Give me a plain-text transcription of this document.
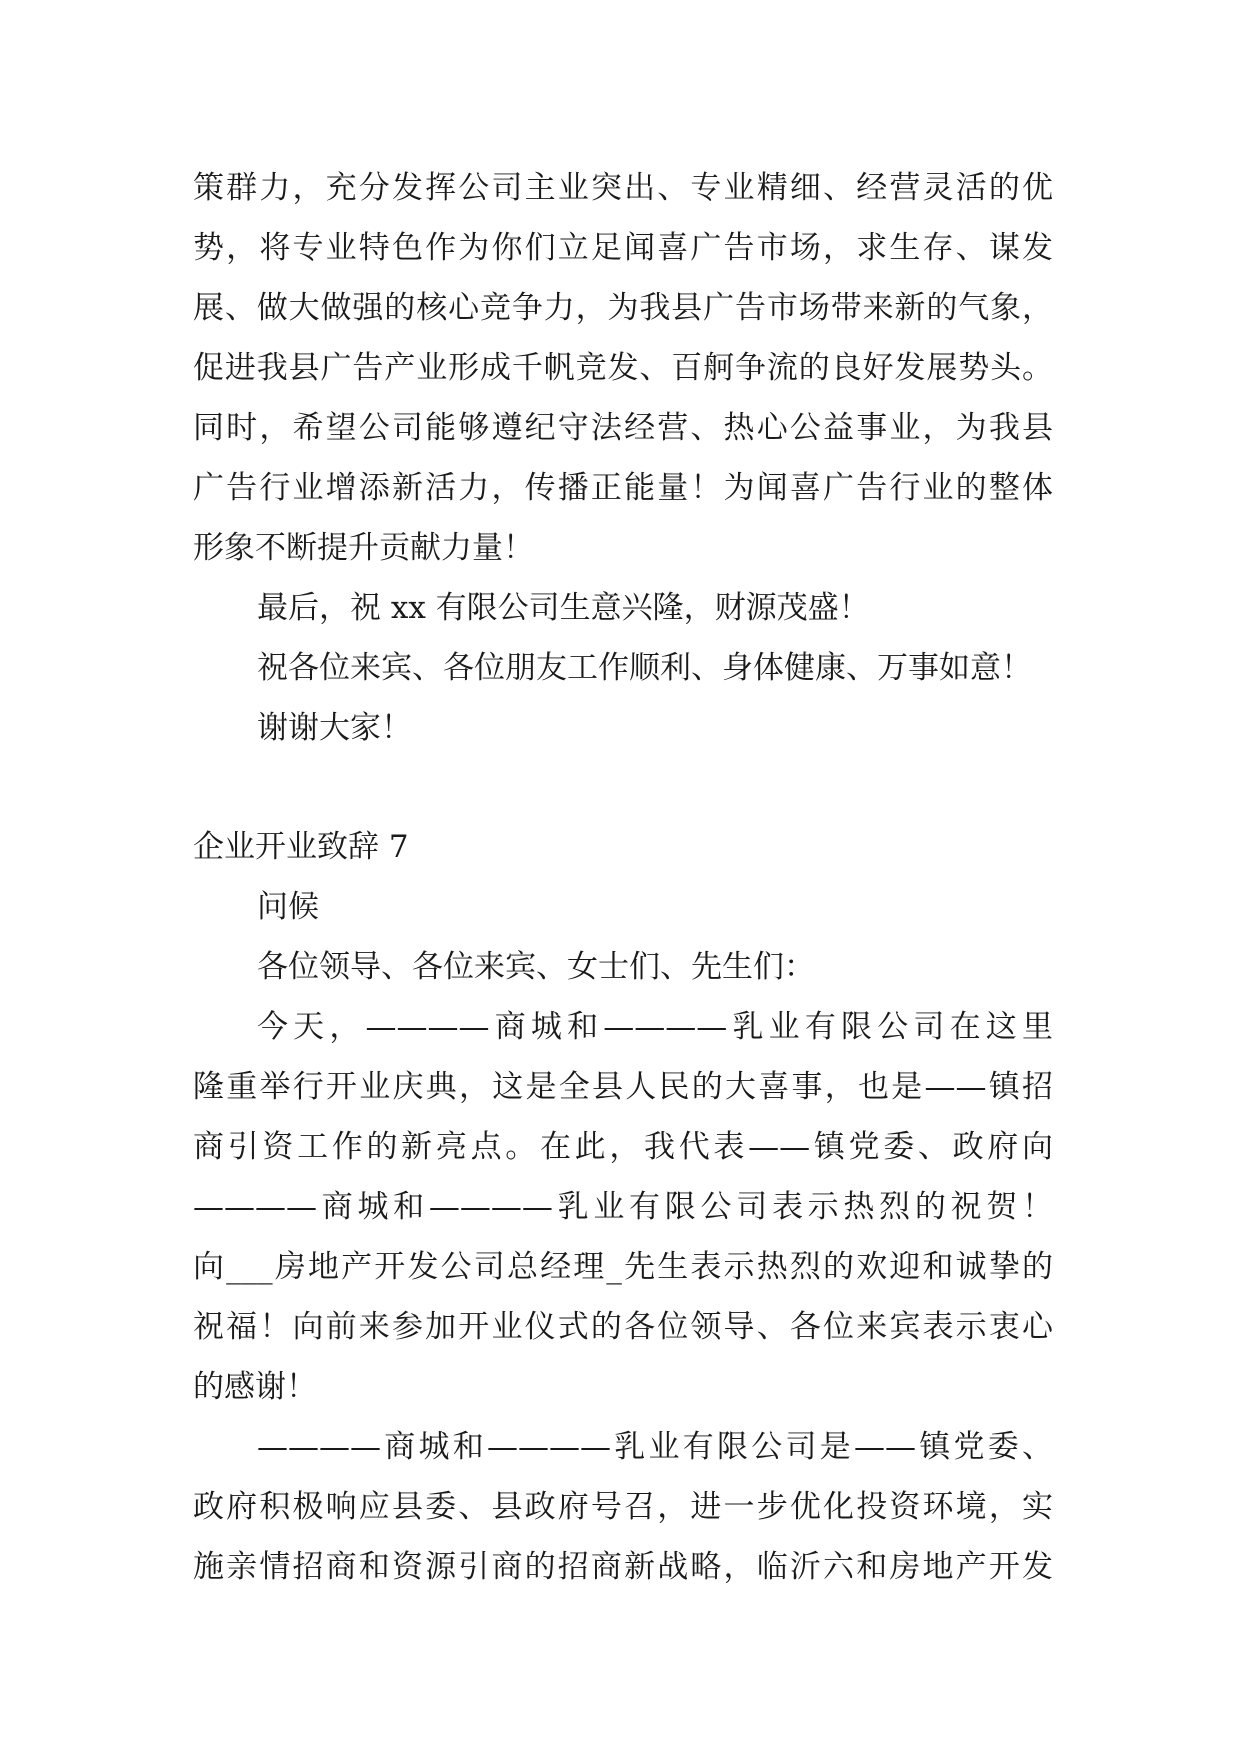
策群力，充分发挥公司主业突出、专业精细、经营灵活的优
势，将专业特色作为你们立足闻喜广告市场，求生存、谋发
展、做大做强的核心竞争力，为我县广告市场带来新的气象，
促进我县广告产业形成千帆竞发、百舸争流的良好发展势头。
同时，希望公司能够遵纪守法经营、热心公益事业，为我县
广告行业增添新活力，传播正能量！为闻喜广告行业的整体
形象不断提升贡献力量！
最后，祝 xx 有限公司生意兴隆，财源茂盛！
祝各位来宾、各位朋友工作顺利、身体健康、万事如意！
谢谢大家！
企业开业致辞 7
问候
各位领导、各位来宾、女士们、先生们：
今天，————商城和————乳业有限公司在这里
隆重举行开业庆典，这是全县人民的大喜事，也是——镇招
商引资工作的新亮点。在此，我代表——镇党委、政府向
————商城和————乳业有限公司表示热烈的祝贺！
向___房地产开发公司总经理_先生表示热烈的欢迎和诚挚的
祝福！向前来参加开业仪式的各位领导、各位来宾表示衷心
的感谢！
————商城和————乳业有限公司是——镇党委、
政府积极响应县委、县政府号召，进一步优化投资环境，实
施亲情招商和资源引商的招商新战略，临沂六和房地产开发
